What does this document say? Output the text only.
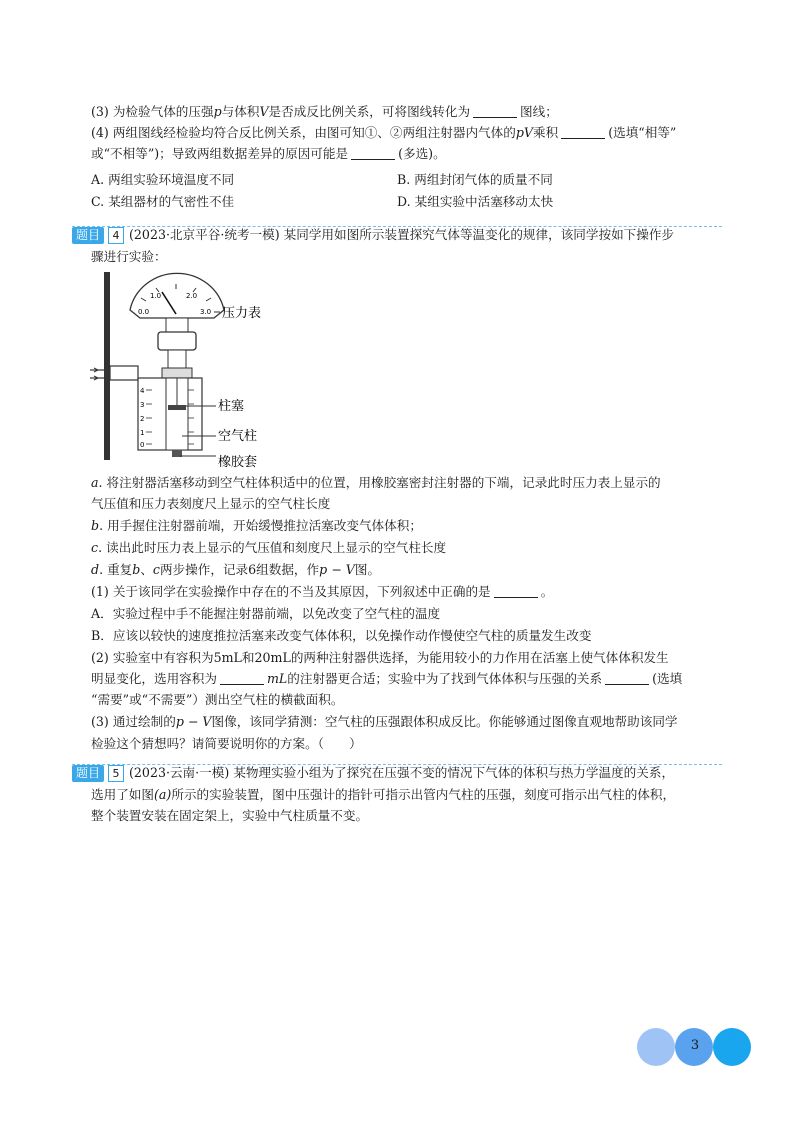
(3) 为检验气体的压强p与体积V是否成反比例关系，可将图线转化为	图线；
(4) 两组图线经检验均符合反比例关系，由图可知①、②两组注射器内气体的pV乘积	(选填“相等”
或“不相等”)；导致两组数据差异的原因可能是	(多选)。
A. 两组实验环境温度不同	B. 两组封闭气体的质量不同
C. 某组器材的气密性不佳	D. 某组实验中活塞移动太快
题目	4 (2023·北京平谷·统考一模) 某同学用如图所示装置探究气体等温变化的规律，该同学按如下操作步
骤进行实验：
0.0
1.0	2.0
3.0
4
3
2
1
0
压力表
柱塞
空气柱
橡胶套
a. 将注射器活塞移动到空气柱体积适中的位置，用橡胶塞密封注射器的下端，记录此时压力表上显示的
气压值和压力表刻度尺上显示的空气柱长度
b. 用手握住注射器前端，开始缓慢推拉活塞改变气体体积；
c. 读出此时压力表上显示的气压值和刻度尺上显示的空气柱长度
d. 重复b、c两步操作，记录6组数据，作p − V图。
(1) 关于该同学在实验操作中存在的不当及其原因，下列叙述中正确的是	。
A．实验过程中手不能握注射器前端，以免改变了空气柱的温度
B．应该以较快的速度推拉活塞来改变气体体积，以免操作动作慢使空气柱的质量发生改变
(2) 实验室中有容积为5mL和20mL的两种注射器供选择，为能用较小的力作用在活塞上使气体体积发生
明显变化，选用容积为	mL的注射器更合适；实验中为了找到气体体积与压强的关系	(选填
“需要”或“不需要”）测出空气柱的横截面积。
(3) 通过绘制的p − V图像，该同学猜测：空气柱的压强跟体积成反比。你能够通过图像直观地帮助该同学
检验这个猜想吗？请简要说明你的方案。（　　）
题目	5 (2023·云南·一模) 某物理实验小组为了探究在压强不变的情况下气体的体积与热力学温度的关系，
选用了如图(a)所示的实验装置，图中压强计的指针可指示出管内气柱的压强，刻度可指示出气柱的体积，
整个装置安装在固定架上，实验中气柱质量不变。
3
